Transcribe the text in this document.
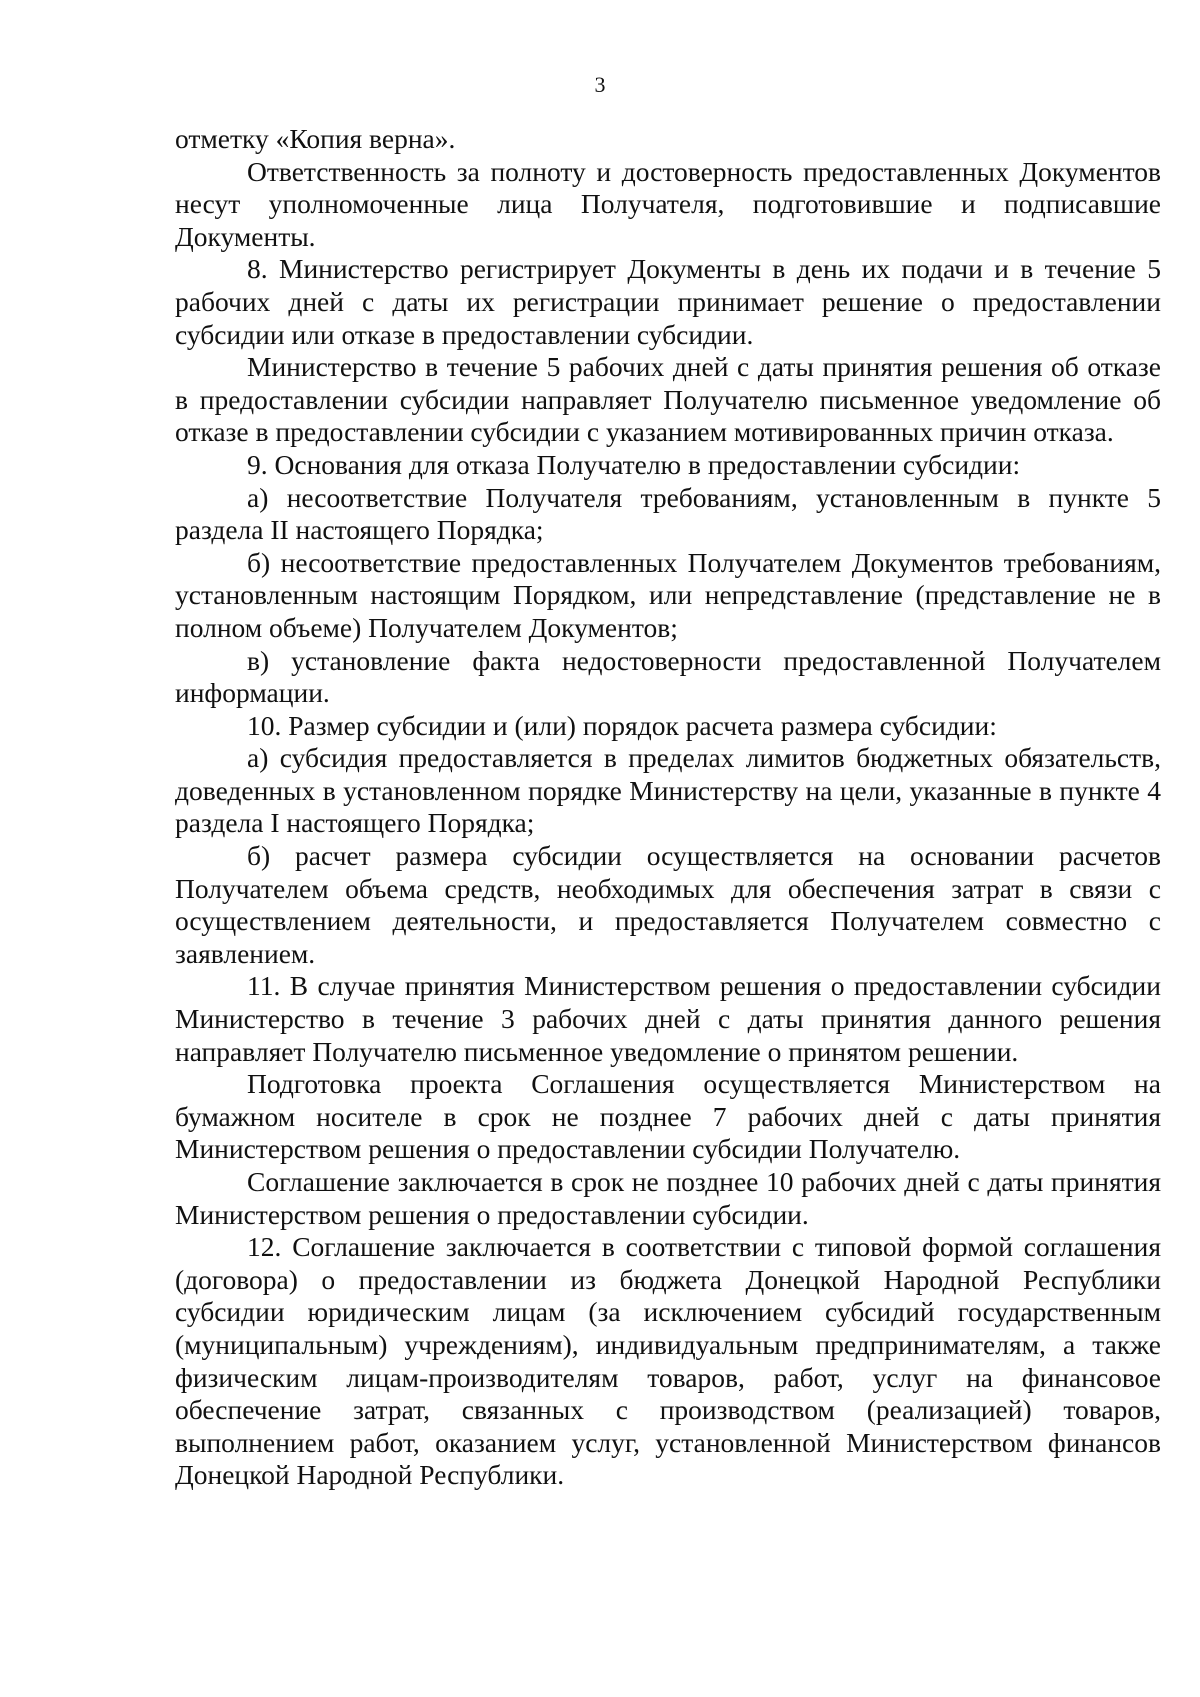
3

отметку «Копия верна».

Ответственность за полноту и достоверность предоставленных Документов несут уполномоченные лица Получателя, подготовившие и подписавшие Документы.

8. Министерство регистрирует Документы в день их подачи и в течение 5 рабочих дней с даты их регистрации принимает решение о предоставлении субсидии или отказе в предоставлении субсидии.

Министерство в течение 5 рабочих дней с даты принятия решения об отказе в предоставлении субсидии направляет Получателю письменное уведомление об отказе в предоставлении субсидии с указанием мотивированных причин отказа.

9. Основания для отказа Получателю в предоставлении субсидии:

а) несоответствие Получателя требованиям, установленным в пункте 5 раздела II настоящего Порядка;

б) несоответствие предоставленных Получателем Документов требованиям, установленным настоящим Порядком, или непредставление (представление не в полном объеме) Получателем Документов;

в) установление факта недостоверности предоставленной Получателем информации.

10. Размер субсидии и (или) порядок расчета размера субсидии:

а) субсидия предоставляется в пределах лимитов бюджетных обязательств, доведенных в установленном порядке Министерству на цели, указанные в пункте 4 раздела I настоящего Порядка;

б) расчет размера субсидии осуществляется на основании расчетов Получателем объема средств, необходимых для обеспечения затрат в связи с осуществлением деятельности, и предоставляется Получателем совместно с заявлением.

11. В случае принятия Министерством решения о предоставлении субсидии Министерство в течение 3 рабочих дней с даты принятия данного решения направляет Получателю письменное уведомление о принятом решении.

Подготовка проекта Соглашения осуществляется Министерством на бумажном носителе в срок не позднее 7 рабочих дней с даты принятия Министерством решения о предоставлении субсидии Получателю.

Соглашение заключается в срок не позднее 10 рабочих дней с даты принятия Министерством решения о предоставлении субсидии.

12. Соглашение заключается в соответствии с типовой формой соглашения (договора) о предоставлении из бюджета Донецкой Народной Республики субсидии юридическим лицам (за исключением субсидий государственным (муниципальным) учреждениям), индивидуальным предпринимателям, а также физическим лицам-производителям товаров, работ, услуг на финансовое обеспечение затрат, связанных с производством (реализацией) товаров, выполнением работ, оказанием услуг, установленной Министерством финансов Донецкой Народной Республики.
